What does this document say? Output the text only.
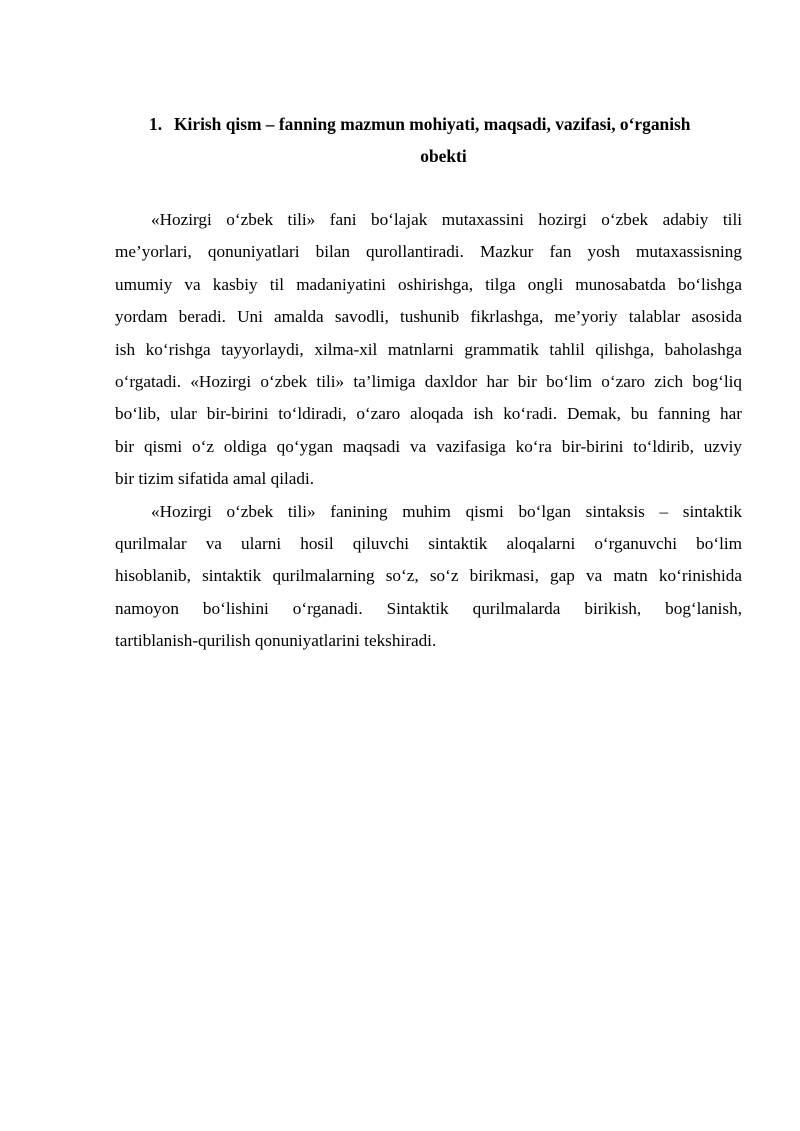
1. Kirish qism – fanning mazmun mohiyati, maqsadi, vazifasi, o‘rganish
obekti
«Hozirgi o‘zbek tili» fani bo‘lajak mutaxassini hozirgi o‘zbek adabiy tili
me’yorlari, qonuniyatlari bilan qurollantiradi. Mazkur fan yosh mutaxassisning
umumiy va kasbiy til madaniyatini oshirishga, tilga ongli munosabatda bo‘lishga
yordam beradi. Uni amalda savodli, tushunib fikrlashga, me’yoriy talablar asosida
ish ko‘rishga tayyorlaydi, xilma-xil matnlarni grammatik tahlil qilishga, baholashga
o‘rgatadi. «Hozirgi o‘zbek tili» ta’limiga daxldor har bir bo‘lim o‘zaro zich bog‘liq
bo‘lib, ular bir-birini to‘ldiradi, o‘zaro aloqada ish ko‘radi. Demak, bu fanning har
bir qismi o‘z oldiga qo‘ygan maqsadi va vazifasiga ko‘ra bir-birini to‘ldirib, uzviy
bir tizim sifatida amal qiladi.
«Hozirgi o‘zbek tili» fanining muhim qismi bo‘lgan sintaksis – sintaktik
qurilmalar va ularni hosil qiluvchi sintaktik aloqalarni o‘rganuvchi bo‘lim
hisoblanib, sintaktik qurilmalarning so‘z, so‘z birikmasi, gap va matn ko‘rinishida
namoyon bo‘lishini o‘rganadi. Sintaktik qurilmalarda birikish, bog‘lanish,
tartiblanish-qurilish qonuniyatlarini tekshiradi.
